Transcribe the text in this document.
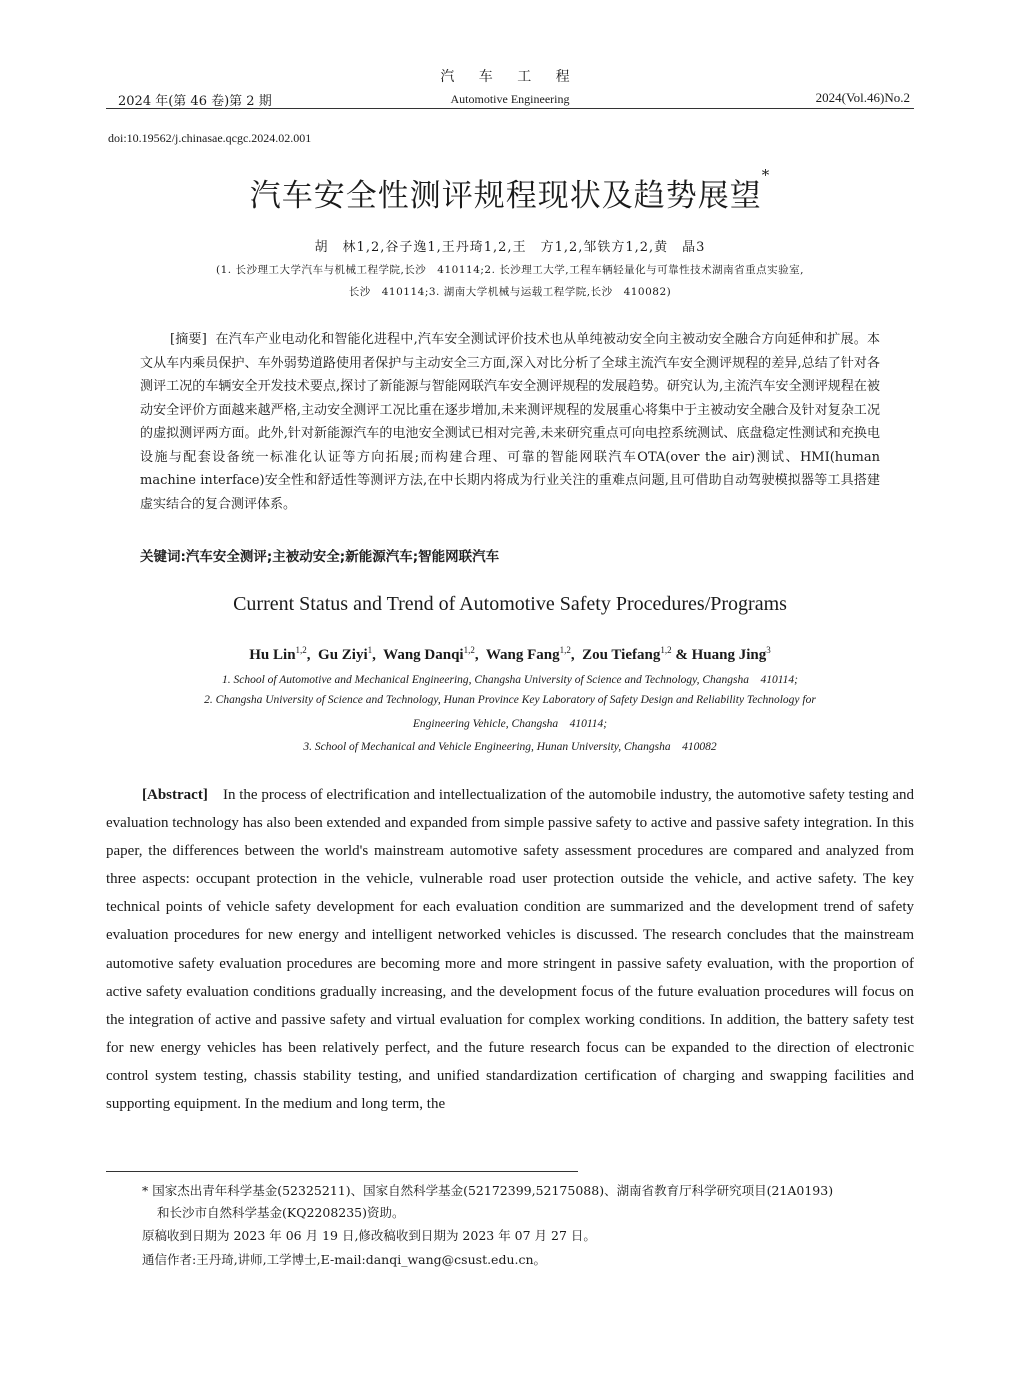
汽 车 工 程
2024 年(第 46 卷)第 2 期	Automotive Engineering	2024(Vol.46)No.2
doi:10.19562/j.chinasae.qcgc.2024.02.001
汽车安全性测评规程现状及趋势展望*
胡　林1,2,谷子逸1,王丹琦1,2,王　方1,2,邹铁方1,2,黄　晶3
(1. 长沙理工大学汽车与机械工程学院,长沙　410114;2. 长沙理工大学,工程车辆轻量化与可靠性技术湖南省重点实验室,
长沙　410114;3. 湖南大学机械与运载工程学院,长沙　410082)
[摘要] 在汽车产业电动化和智能化进程中,汽车安全测试评价技术也从单纯被动安全向主被动安全融合方向延伸和扩展。本文从车内乘员保护、车外弱势道路使用者保护与主动安全三方面,深入对比分析了全球主流汽车安全测评规程的差异,总结了针对各测评工况的车辆安全开发技术要点,探讨了新能源与智能网联汽车安全测评规程的发展趋势。研究认为,主流汽车安全测评规程在被动安全评价方面越来越严格,主动安全测评工况比重在逐步增加,未来测评规程的发展重心将集中于主被动安全融合及针对复杂工况的虚拟测评两方面。此外,针对新能源汽车的电池安全测试已相对完善,未来研究重点可向电控系统测试、底盘稳定性测试和充换电设施与配套设备统一标准化认证等方向拓展;而构建合理、可靠的智能网联汽车OTA(over the air)测试、HMI(human machine interface)安全性和舒适性等测评方法,在中长期内将成为行业关注的重难点问题,且可借助自动驾驶模拟器等工具搭建虚实结合的复合测评体系。
关键词:汽车安全测评;主被动安全;新能源汽车;智能网联汽车
Current Status and Trend of Automotive Safety Procedures/Programs
Hu Lin$^{1,2}$,  Gu Ziyi$^1$,  Wang Danqi$^{1,2}$,  Wang Fang$^{1,2}$,  Zou Tiefang$^{1,2}$ & Huang Jing$^3$
1. School of Automotive and Mechanical Engineering, Changsha University of Science and Technology, Changsha　410114;
2. Changsha University of Science and Technology, Hunan Province Key Laboratory of Safety Design and Reliability Technology for
Engineering Vehicle, Changsha　410114;
3. School of Mechanical and Vehicle Engineering, Hunan University, Changsha　410082
[Abstract] In the process of electrification and intellectualization of the automobile industry, the automotive safety testing and evaluation technology has also been extended and expanded from simple passive safety to active and passive safety integration. In this paper, the differences between the world's mainstream automotive safety assessment procedures are compared and analyzed from three aspects: occupant protection in the vehicle, vulnerable road user protection outside the vehicle, and active safety. The key technical points of vehicle safety development for each evaluation condition are summarized and the development trend of safety evaluation procedures for new energy and intelligent networked vehicles is discussed. The research concludes that the mainstream automotive safety evaluation procedures are becoming more and more stringent in passive safety evaluation, with the proportion of active safety evaluation conditions gradually increasing, and the development focus of the future evaluation procedures will focus on the integration of active and passive safety and virtual evaluation for complex working conditions. In addition, the battery safety test for new energy vehicles has been relatively perfect, and the future research focus can be expanded to the direction of electronic control system testing, chassis stability testing, and unified standardization certification of charging and swapping facilities and supporting equipment. In the medium and long term, the
* 国家杰出青年科学基金(52325211)、国家自然科学基金(52172399,52175088)、湖南省教育厅科学研究项目(21A0193)
和长沙市自然科学基金(KQ2208235)资助。
原稿收到日期为 2023 年 06 月 19 日,修改稿收到日期为 2023 年 07 月 27 日。
通信作者:王丹琦,讲师,工学博士,E-mail:danqi_wang@csust.edu.cn。
